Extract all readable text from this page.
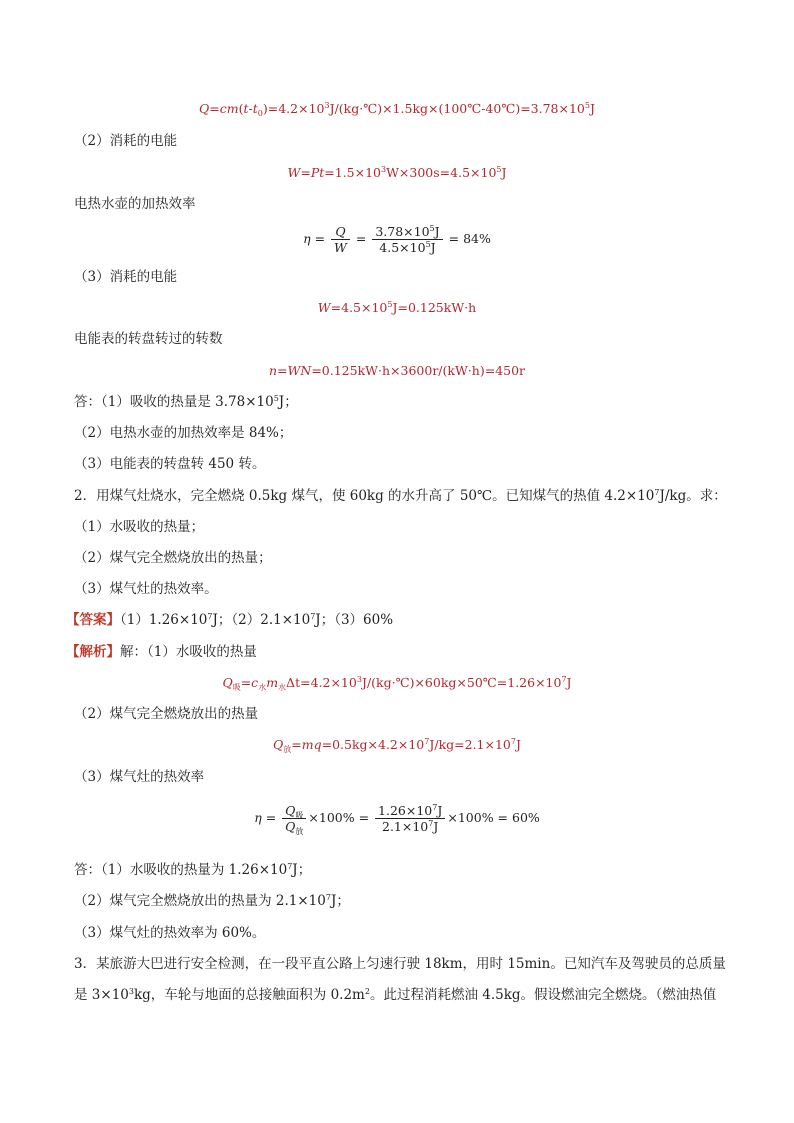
$Q=cm(t-t_0)=4.2\times 10^3J/(kg\cdot℃)\times 1.5kg\times(100℃-40℃)=3.78\times 10^5J$
（2）消耗的电能
$W=Pt=1.5\times 10^3W\times 300s=4.5\times 10^5J$
电热水壶的加热效率
$\eta = \frac{Q}{W} = \frac{3.78\times 10^5J}{4.5\times 10^5J} = 84\%$
（3）消耗的电能
$W=4.5\times 10^5J=0.125kW\cdot h$
电能表的转盘转过的转数
n=WN=0.125kW·h×3600r/(kW·h)=450r
答：（1）吸收的热量是 $3.78\times 10^5J$；
（2）电热水壶的加热效率是 84%；
（3）电能表的转盘转 450 转。
2．用煤气灶烧水，完全燃烧 0.5kg 煤气，使 60kg 的水升高了 50℃。已知煤气的热值 $4.2\times 10^7J/kg$。求：
（1）水吸收的热量；
（2）煤气完全燃烧放出的热量；
（3）煤气灶的热效率。
【答案】$(1)1.26\times 10^7J$；$(2)2.1\times 10^7J$；（3）60%
【解析】解：（1）水吸收的热量
$Q_吸=c_水m_水\Delta t=4.2\times 10^3J/(kg\cdot℃)\times 60kg\times 50℃=1.26\times 10^7J$
（2）煤气完全燃烧放出的热量
$Q_放=mq=0.5kg\times 4.2\times 10^7J/kg=2.1\times 10^7J$
（3）煤气灶的热效率
$\eta = \frac{Q_吸}{Q_放} \times 100\% = \frac{1.26\times 10^7J}{2.1\times 10^7J} \times 100\% = 60\%$
答：（1）水吸收的热量为 $1.26\times 10^7J$；
（2）煤气完全燃烧放出的热量为 $2.1\times 10^7J$；
（3）煤气灶的热效率为 60%。
3．某旅游大巴进行安全检测，在一段平直公路上匀速行驶 18km，用时 15min。已知汽车及驾驶员的总质量
是 $3\times 10^3kg$，车轮与地面的总接触面积为 $0.2m^2$。此过程消耗燃油 4.5kg。假设燃油完全燃烧。（燃油热值
